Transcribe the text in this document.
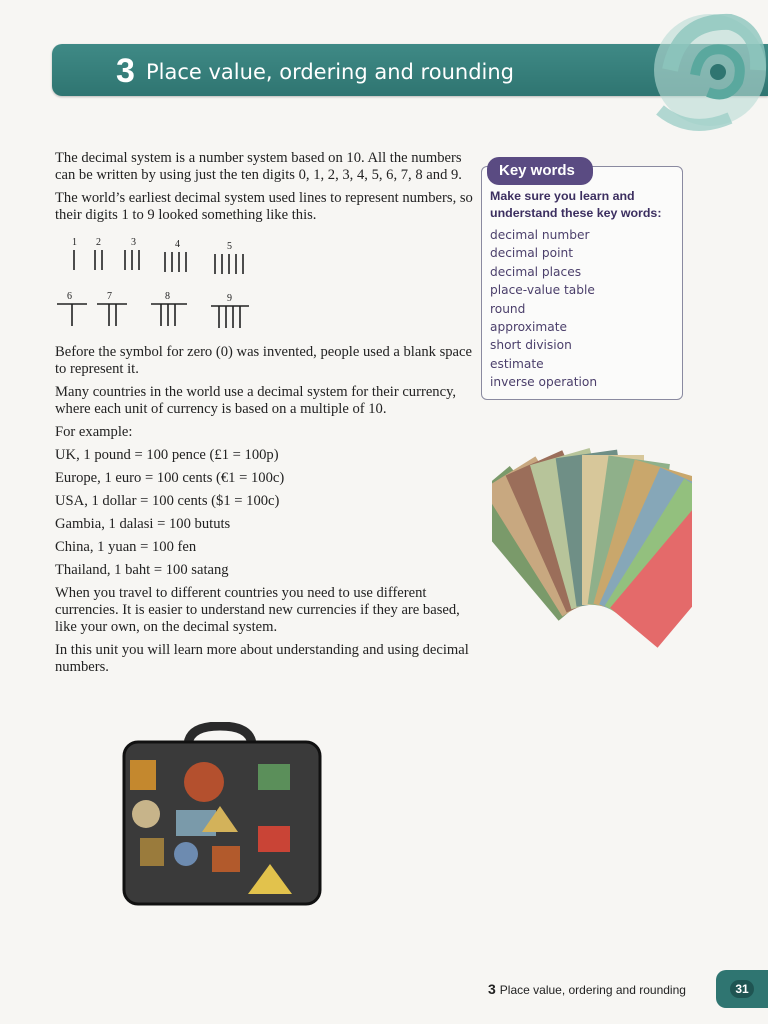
3 Place value, ordering and rounding

The decimal system is a number system based on 10. All the numbers can be written by using just the ten digits 0, 1, 2, 3, 4, 5, 6, 7, 8 and 9.

The world’s earliest decimal system used lines to represent numbers, so their digits 1 to 9 looked something like this.

1 2	3	4	5
6	7	8	9

Before the symbol for zero (0) was invented, people used a blank space to represent it.

Many countries in the world use a decimal system for their currency, where each unit of currency is based on a multiple of 10.

For example:

UK, 1 pound = 100 pence (£1 = 100p)

Europe, 1 euro = 100 cents (€1 = 100c)

USA, 1 dollar = 100 cents ($1 = 100c)

Gambia, 1 dalasi = 100 bututs

China, 1 yuan = 100 fen

Thailand, 1 baht = 100 satang

When you travel to different countries you need to use different currencies. It is easier to understand new currencies if they are based, like your own, on the decimal system.

In this unit you will learn more about understanding and using decimal numbers.

Key words
Make sure you learn and understand these key words:
decimal number
decimal point
decimal places
place-value table
round
approximate
short division
estimate
inverse operation
3 Place value, ordering and rounding	31
